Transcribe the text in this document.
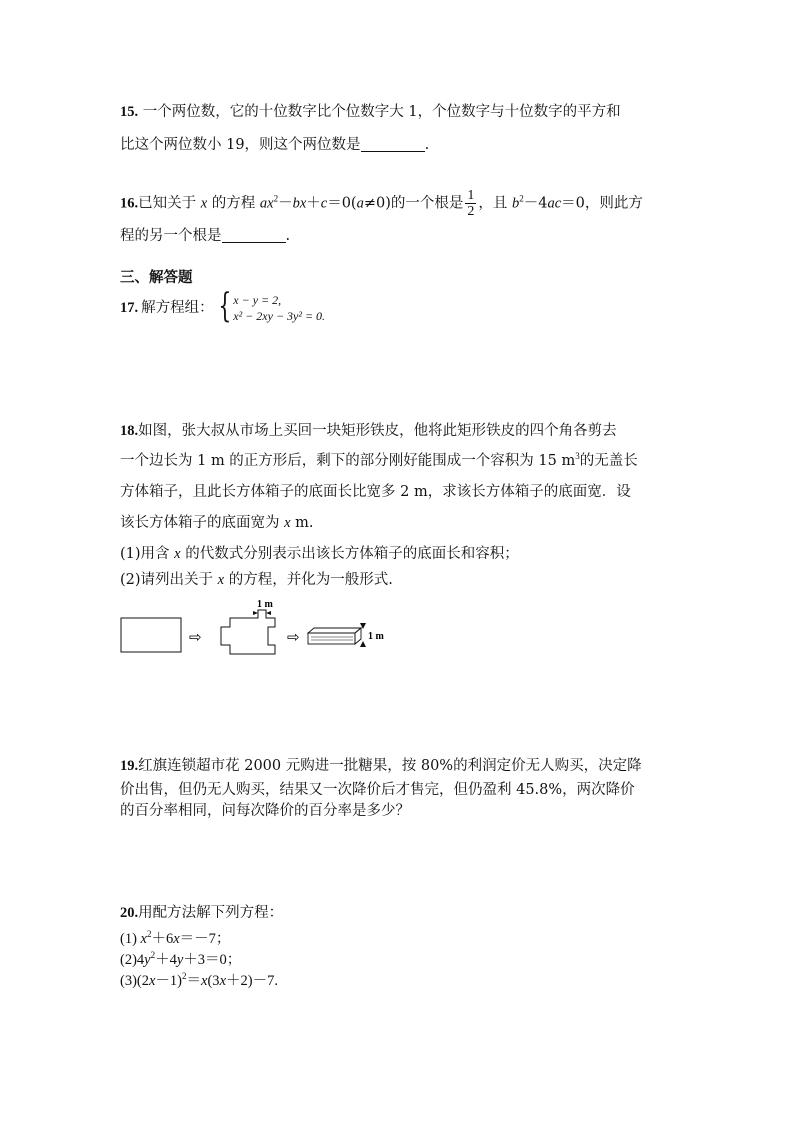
15. 一个两位数，它的十位数字比个位数字大 1，个位数字与十位数字的平方和
比这个两位数小 19，则这个两位数是	.
16.已知关于 x 的方程 $ax^2-bx+c=0(a\ne 0)$的一个根是 $\frac{1}{2}$ ，且 $b^2-4ac=0$，则此方
程的另一个根是	.
三、解答题
17. 解方程组： { x − y = 2,
x² − 2xy − 3y² = 0.
18.如图，张大叔从市场上买回一块矩形铁皮，他将此矩形铁皮的四个角各剪去
一个边长为 1 m 的正方形后，剩下的部分刚好能围成一个容积为 15 $m^3$的无盖长
方体箱子，且此长方体箱子的底面长比宽多 2 m，求该长方体箱子的底面宽．设
该长方体箱子的底面宽为 x m.
(1)用含 x 的代数式分别表示出该长方体箱子的底面长和容积；
(2)请列出关于 x 的方程，并化为一般形式.
⇨
1 m
⇨	1 m
19.红旗连锁超市花 2000 元购进一批糖果，按 80%的利润定价无人购买，决定降
价出售，但仍无人购买，结果又一次降价后才售完，但仍盈利 45.8%，两次降价
的百分率相同，问每次降价的百分率是多少？
20.用配方法解下列方程：
(1) $x^2+6x=-7$；
$(2)4y^2+4y+3=0$；
$(3)(2x-1)^2=x(3x+2)-7$.
